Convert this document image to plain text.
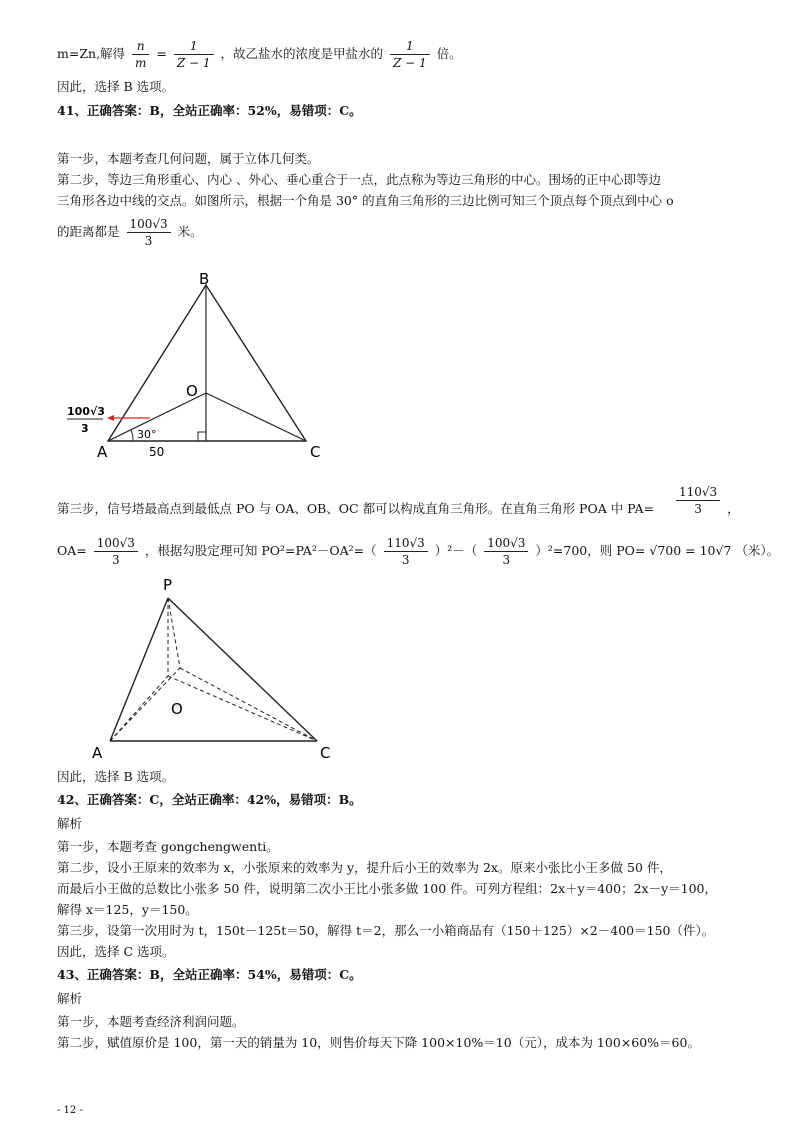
m=Zn,解得 $\frac{n}{m} = \frac{1}{Z - 1}$ ，故乙盐水的浓度是甲盐水的 $\frac{1}{Z - 1}$ 倍。
因此，选择 B 选项。
41、正确答案：B，全站正确率：52%，易错项：C。
第一步，本题考查几何问题，属于立体几何类。
第二步，等边三角形重心、内心 、外心、垂心重合于一点，此点称为等边三角形的中心。围场的正中心即等边
三角形各边中线的交点。如图所示，根据一个角是 30° 的直角三角形的三边比例可知三个顶点每个顶点到中心 o
的距离都是 $\frac{100√3}{3}$ 米。
B
O
A	C
30°
50
100√3
3
第三步，信号塔最高点到最低点 PO 与 OA、OB、OC 都可以构成直角三角形。在直角三角形 POA 中 $PA= \frac{110√3}{3}$ ，
$OA= \frac{100√3}{3}$ ，根据勾股定理可知 $PO^2=PA^2-OA^2=( \frac{110√3}{3} )^2-( \frac{100√3}{3} )^2=700$，则 PO= √700 = 10√7 （米）。
P
O
A	C
因此，选择 B 选项。
42、正确答案：C，全站正确率：42%，易错项：B。
解析
第一步，本题考查 gongchengwenti。
第二步，设小王原来的效率为 x，小张原来的效率为 y，提升后小王的效率为 2x。原来小张比小王多做 50 件，
而最后小王做的总数比小张多 50 件，说明第二次小王比小张多做 100 件。可列方程组：2x＋y＝400；2x－y＝100，
解得 x＝125，y＝150。
第三步，设第一次用时为 t，150t－125t＝50，解得 t＝2，那么一小箱商品有（150＋125）×2－400＝150（件）。
因此，选择 C 选项。
43、正确答案：B，全站正确率：54%，易错项：C。
解析
第一步，本题考查经济利润问题。
第二步，赋值原价是 100，第一天的销量为 10，则售价每天下降 100×10%＝10（元），成本为 100×60%＝60。
- 12 -
